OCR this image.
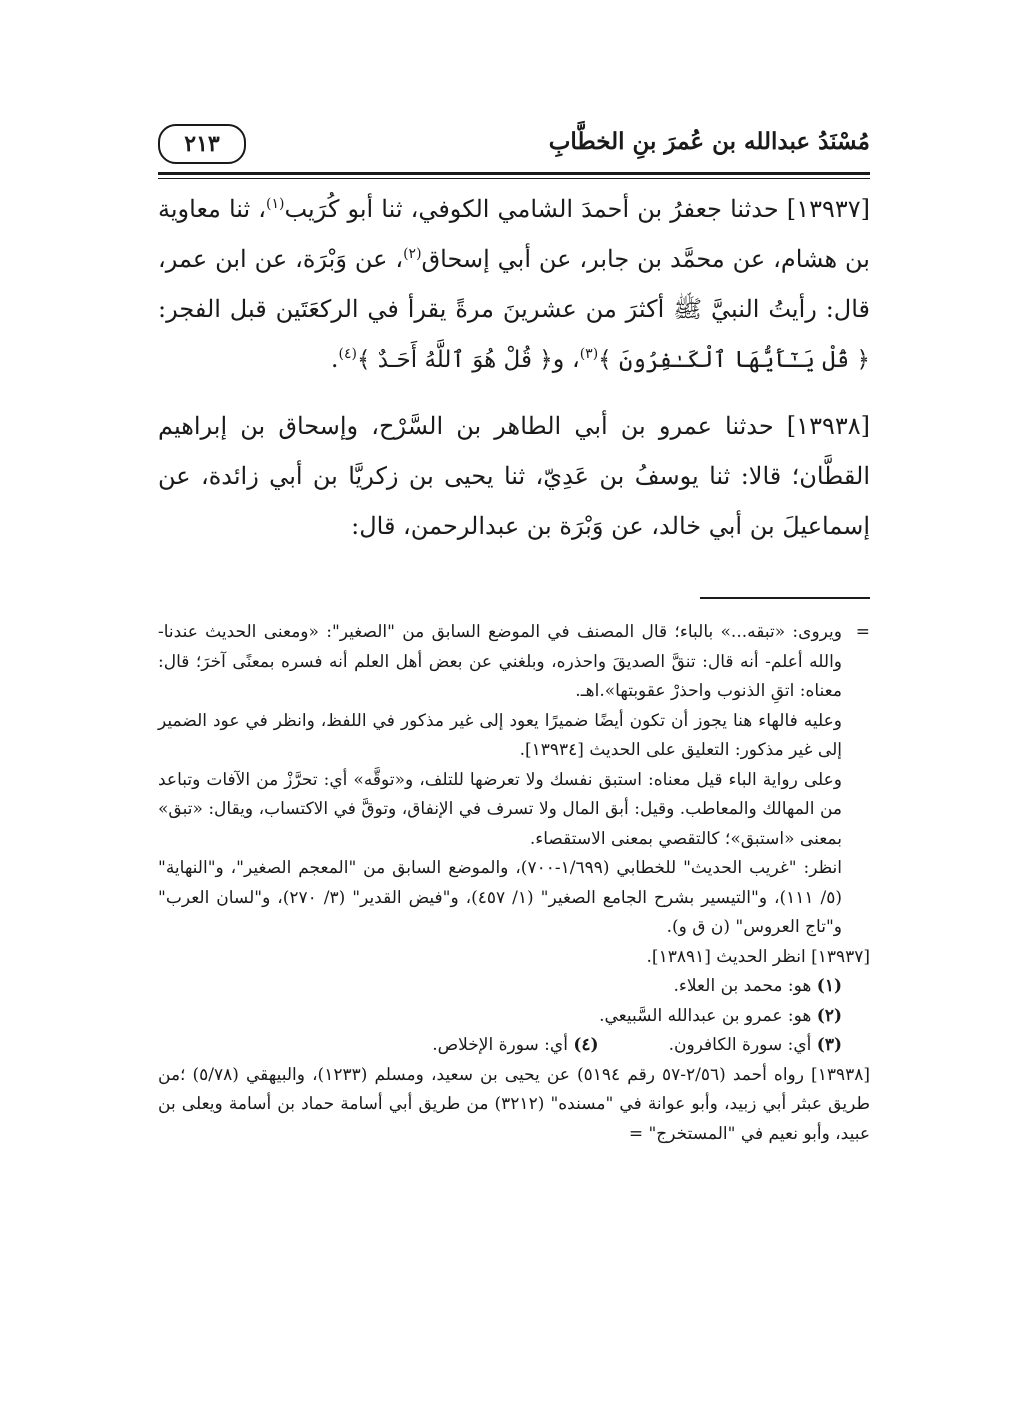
مُسْنَدُ عبدالله بن عُمرَ بنِ الخطَّابِ
٢١٣

[١٣٩٣٧] حدثنا جعفرُ بن أحمدَ الشامي الكوفي، ثنا أبو كُرَيب$^{(١)}$، ثنا معاوية بن هشام، عن محمَّد بن جابر، عن أبي إسحاق$^{(٢)}$، عن وَبْرَة، عن ابن عمر، قال: رأيتُ النبيَّ ﷺ أكثرَ من عشرينَ مرةً يقرأ في الركعَتَين قبل الفجر: ﴿ قُلْ يَـٰٓأَيُّهَا ٱلْكَـٰفِرُونَ ﴾$^{(٣)}$، و﴿ قُلْ هُوَ ٱللَّهُ أَحَـدٌ ﴾$^{(٤)}$.

[١٣٩٣٨] حدثنا عمرو بن أبي الطاهر بن السَّرْح، وإسحاق بن إبراهيم القطَّان؛ قالا: ثنا يوسفُ بن عَدِيّ، ثنا يحيى بن زكريَّا بن أبي زائدة، عن إسماعيلَ بن أبي خالد، عن وَبْرَة بن عبدالرحمن، قال:

=
ويروى: «تبقه...» بالباء؛ قال المصنف في الموضع السابق من "الصغير": «ومعنى الحديث عندنا- والله أعلم- أنه قال: تنقَّ الصديقَ واحذره، وبلغني عن بعض أهل العلم أنه فسره بمعنًى آخرَ؛ قال: معناه: اتقِ الذنوب واحذرْ عقوبتها».اهـ.

وعليه فالهاء هنا يجوز أن تكون أيضًا ضميرًا يعود إلى غير مذكور في اللفظ، وانظر في عود الضمير إلى غير مذكور: التعليق على الحديث [١٣٩٣٤].

وعلى رواية الباء قيل معناه: استبق نفسك ولا تعرضها للتلف، و«توقَّه» أي: تحرَّزْ من الآفات وتباعد من المهالك والمعاطب. وقيل: أبق المال ولا تسرف في الإنفاق، وتوقَّ في الاكتساب، ويقال: «تبق» بمعنى «استبق»؛ كالتقصي بمعنى الاستقصاء.

انظر: "غريب الحديث" للخطابي (١/٦٩٩-٧٠٠)، والموضع السابق من "المعجم الصغير"، و"النهاية" (٥/ ١١١)، و"التيسير بشرح الجامع الصغير" (١/ ٤٥٧)، و"فيض القدير" (٣/ ٢٧٠)، و"لسان العرب" و"تاج العروس" (ن ق و).

[١٣٩٣٧] انظر الحديث [١٣٨٩١].

(١) هو: محمد بن العلاء.

(٢) هو: عمرو بن عبدالله السَّبيعي.

(٣) أي: سورة الكافرون.
(٤) أي: سورة الإخلاص.

[١٣٩٣٨] رواه أحمد (٢/٥٦-٥٧ رقم ٥١٩٤) عن يحيى بن سعيد، ومسلم (١٢٣٣)، والبيهقي (٥/٧٨) ؛من طريق عبثر أبي زبيد، وأبو عوانة في "مسنده" (٣٢١٢) من طريق أبي أسامة حماد بن أسامة ويعلى بن عبيد، وأبو نعيم في "المستخرج" =
